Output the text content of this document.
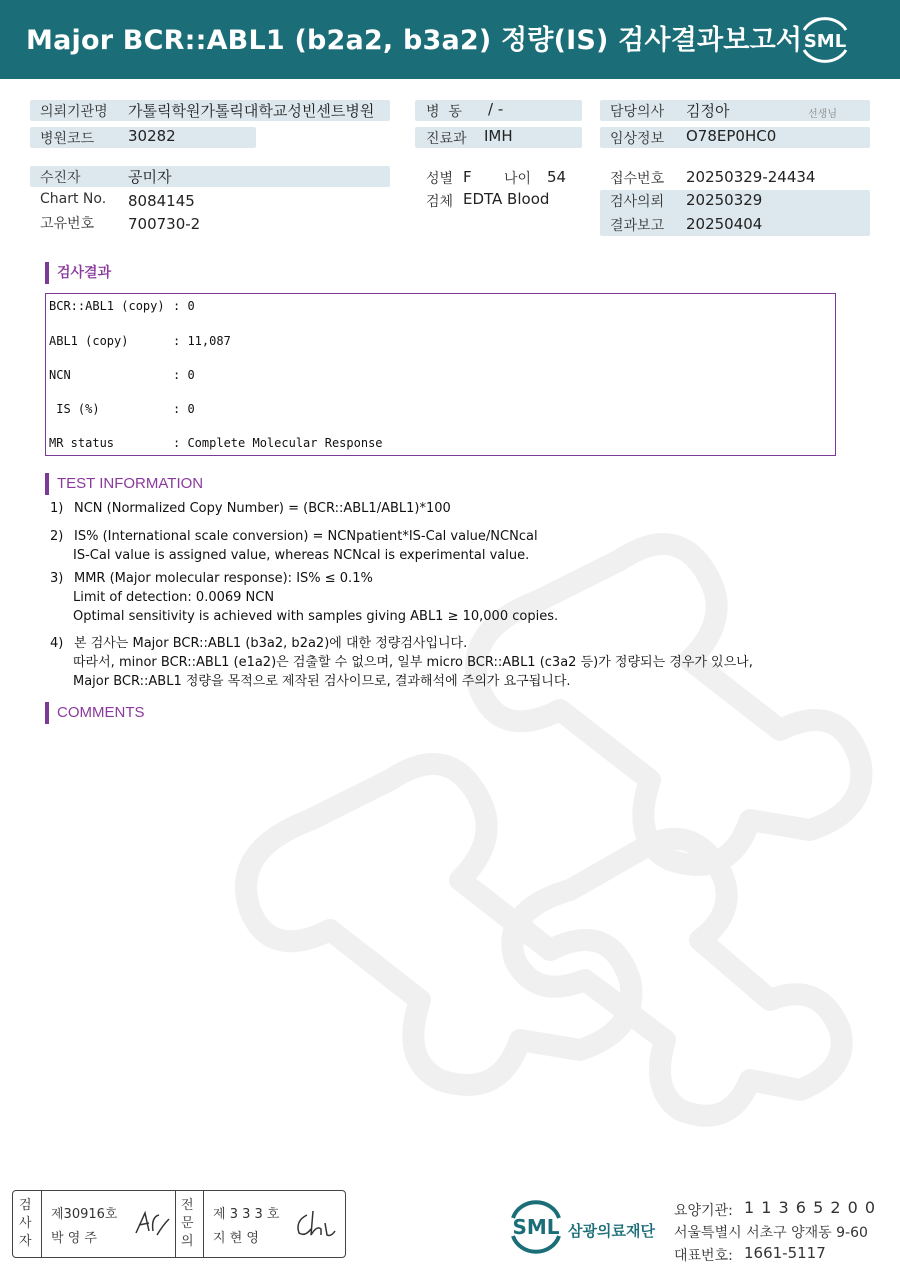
Major BCR::ABL1 (b2a2, b3a2) 정량(IS) 검사결과보고서 SML
의뢰기관명 가톨릭학원가톨릭대학교성빈센트병원
병원코드 30282
병  동 / -
진료과 IMH
담당의사 김정아	선생님
임상정보 O78EP0HC0
수진자	공미자
Chart No. 8084145
고유번호 700730-2
성별 F 나이 54
검체 EDTA Blood
접수번호 20250329-24434
검사의뢰 20250329
결과보고 20250404
검사결과
BCR::ABL1 (copy) : 0
ABL1 (copy)	: 11,087
NCN	: 0
IS (%)	: 0
MR status	: Complete Molecular Response
TEST INFORMATION
1) NCN (Normalized Copy Number) = (BCR::ABL1/ABL1)*100
2) IS% (International scale conversion) = NCNpatient*IS-Cal value/NCNcal
IS-Cal value is assigned value, whereas NCNcal is experimental value.
3) MMR (Major molecular response): IS% ≤ 0.1%
Limit of detection: 0.0069 NCN
Optimal sensitivity is achieved with samples giving ABL1 ≥ 10,000 copies.
4) 본 검사는 Major BCR::ABL1 (b3a2, b2a2)에 대한 정량검사입니다.
따라서, minor BCR::ABL1 (e1a2)은 검출할 수 없으며, 일부 micro BCR::ABL1 (c3a2 등)가 정량되는 경우가 있으나,
Major BCR::ABL1 정량을 목적으로 제작된 검사이므로, 결과해석에 주의가 요구됩니다.
COMMENTS
검사자
제30916호
박 영 주
전문의
제 3 3 3 호
지 현 영	SML 삼광의료재단
요양기관: 1 1 3 6 5 2 0 0
서울특별시 서초구 양재동 9-60
대표번호: 1661-5117
